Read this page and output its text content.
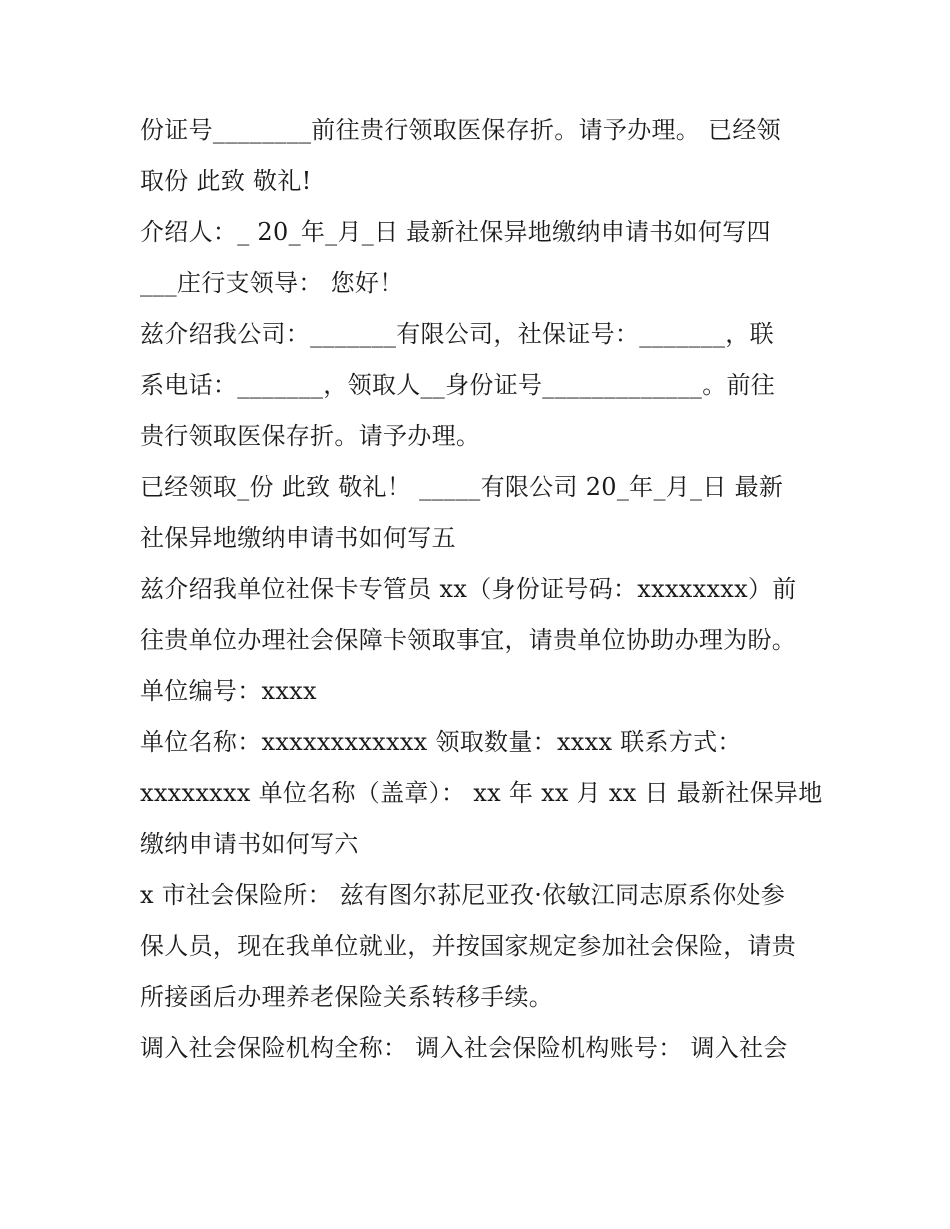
份证号________前往贵行领取医保存折。请予办理。 已经领
取份 此致 敬礼!
介绍人：_ 20_年_月_日 最新社保异地缴纳申请书如何写四
___庄行支领导： 您好！
兹介绍我公司：_______有限公司，社保证号：_______，联
系电话：_______，领取人__身份证号_____________。前往
贵行领取医保存折。请予办理。
已经领取_份 此致 敬礼！ _____有限公司 20_年_月_日 最新
社保异地缴纳申请书如何写五
兹介绍我单位社保卡专管员 xx（身份证号码：xxxxxxxx）前
往贵单位办理社会保障卡领取事宜，请贵单位协助办理为盼。
单位编号：xxxx
单位名称：xxxxxxxxxxxx 领取数量：xxxx 联系方式：
xxxxxxxx 单位名称（盖章）： xx 年 xx 月 xx 日 最新社保异地
缴纳申请书如何写六
x 市社会保险所： 兹有图尔荪尼亚孜·依敏江同志原系你处参
保人员，现在我单位就业，并按国家规定参加社会保险，请贵
所接函后办理养老保险关系转移手续。
调入社会保险机构全称： 调入社会保险机构账号： 调入社会
